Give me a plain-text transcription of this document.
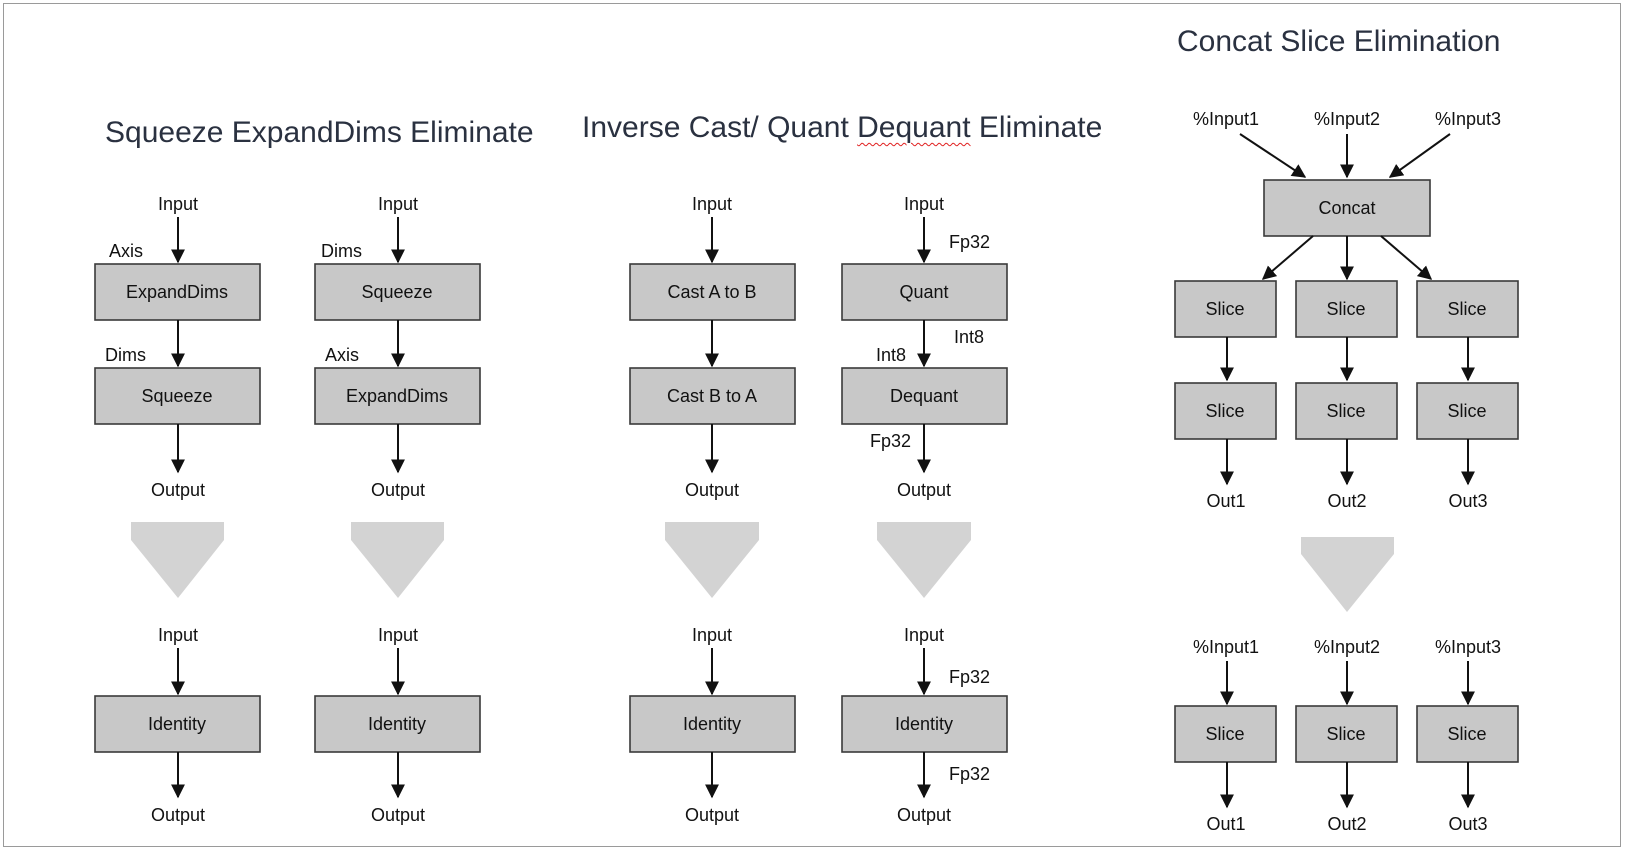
Squeeze ExpandDims Eliminate Inverse Cast/ Quant Dequant Eliminate
Concat Slice Elimination
Input
Axis
ExpandDims
Dims
Squeeze
Output
Input
Identity
Output
Input
Dims
Squeeze
Axis
ExpandDims
Output
Input
Identity
Output
Input
Cast A to B
Cast B to A
Output
Input
Identity
Output
Input
Fp32
Quant
Int8
Int8
Dequant
Fp32
Output
Input
Fp32
Identity
Fp32
Output
%Input1	%Input2	%Input3
Concat
Slice	Slice	Slice
Slice	Slice	Slice
Out1	Out2	Out3
%Input1	%Input2	%Input3
Slice	Slice	Slice
Out1	Out2	Out3
